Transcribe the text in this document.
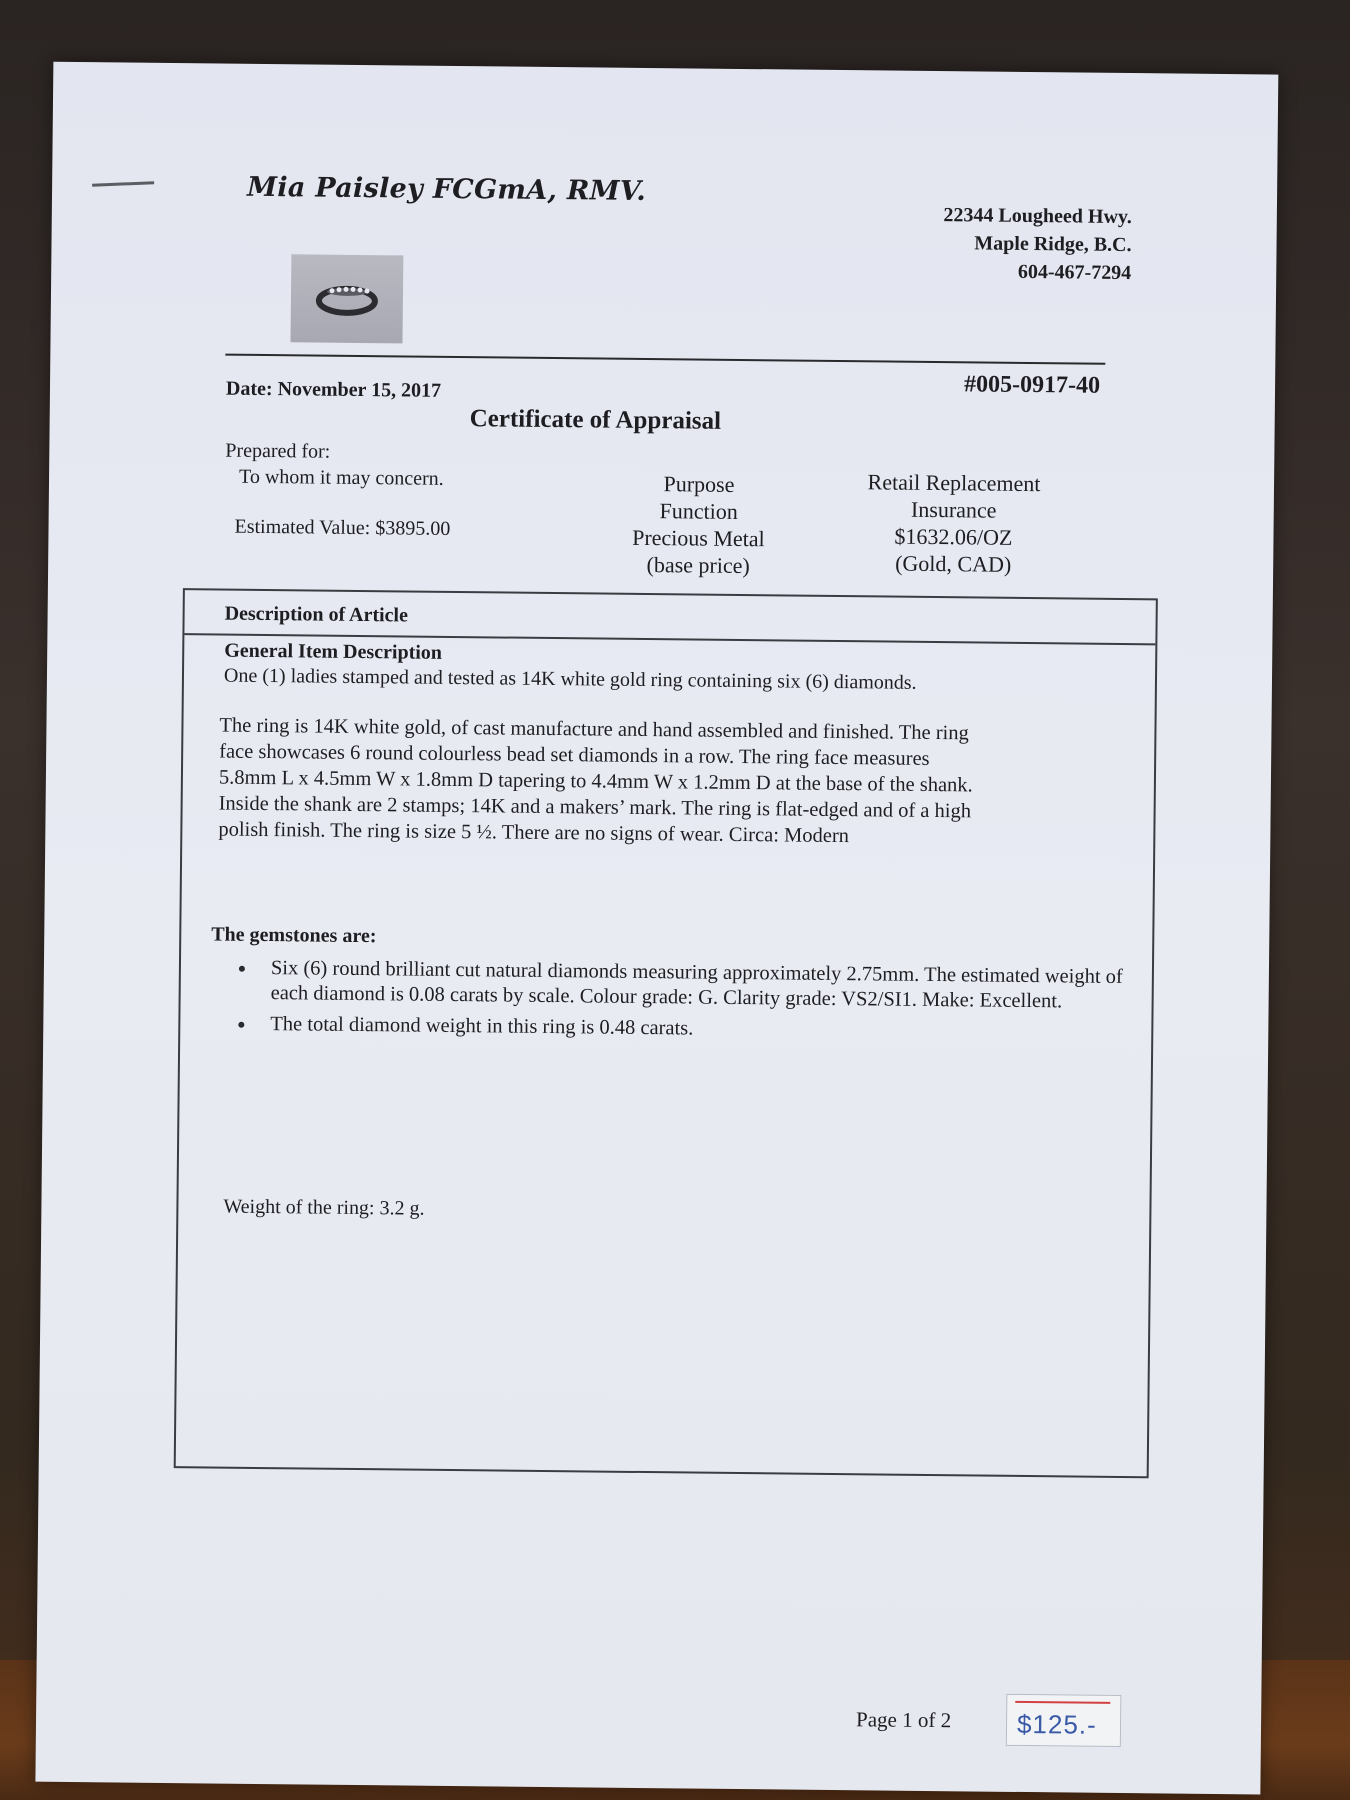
Mia Paisley FCGmA, RMV.
22344 Lougheed Hwy.
Maple Ridge, B.C.
604-467-7294
Date: November 15, 2017	#005-0917-40
Certificate of Appraisal
Prepared for:
To whom it may concern.
Estimated Value: $3895.00
Purpose
Function
Precious Metal
(base price)
Retail Replacement
Insurance
$1632.06/OZ
(Gold, CAD)
Description of Article
General Item Description
One (1) ladies stamped and tested as 14K white gold ring containing six (6) diamonds.
The ring is 14K white gold, of cast manufacture and hand assembled and finished. The ring
face showcases 6 round colourless bead set diamonds in a row. The ring face measures
5.8mm L x 4.5mm W x 1.8mm D tapering to 4.4mm W x 1.2mm D at the base of the shank.
Inside the shank are 2 stamps; 14K and a makers’ mark. The ring is flat-edged and of a high
polish finish. The ring is size 5 ½. There are no signs of wear. Circa: Modern
The gemstones are:
Six (6) round brilliant cut natural diamonds measuring approximately 2.75mm. The estimated weight of each diamond is 0.08 carats by scale. Colour grade: G. Clarity grade: VS2/SI1. Make: Excellent.
The total diamond weight in this ring is 0.48 carats.
Weight of the ring: 3.2 g.
Page 1 of 2	$125.-
